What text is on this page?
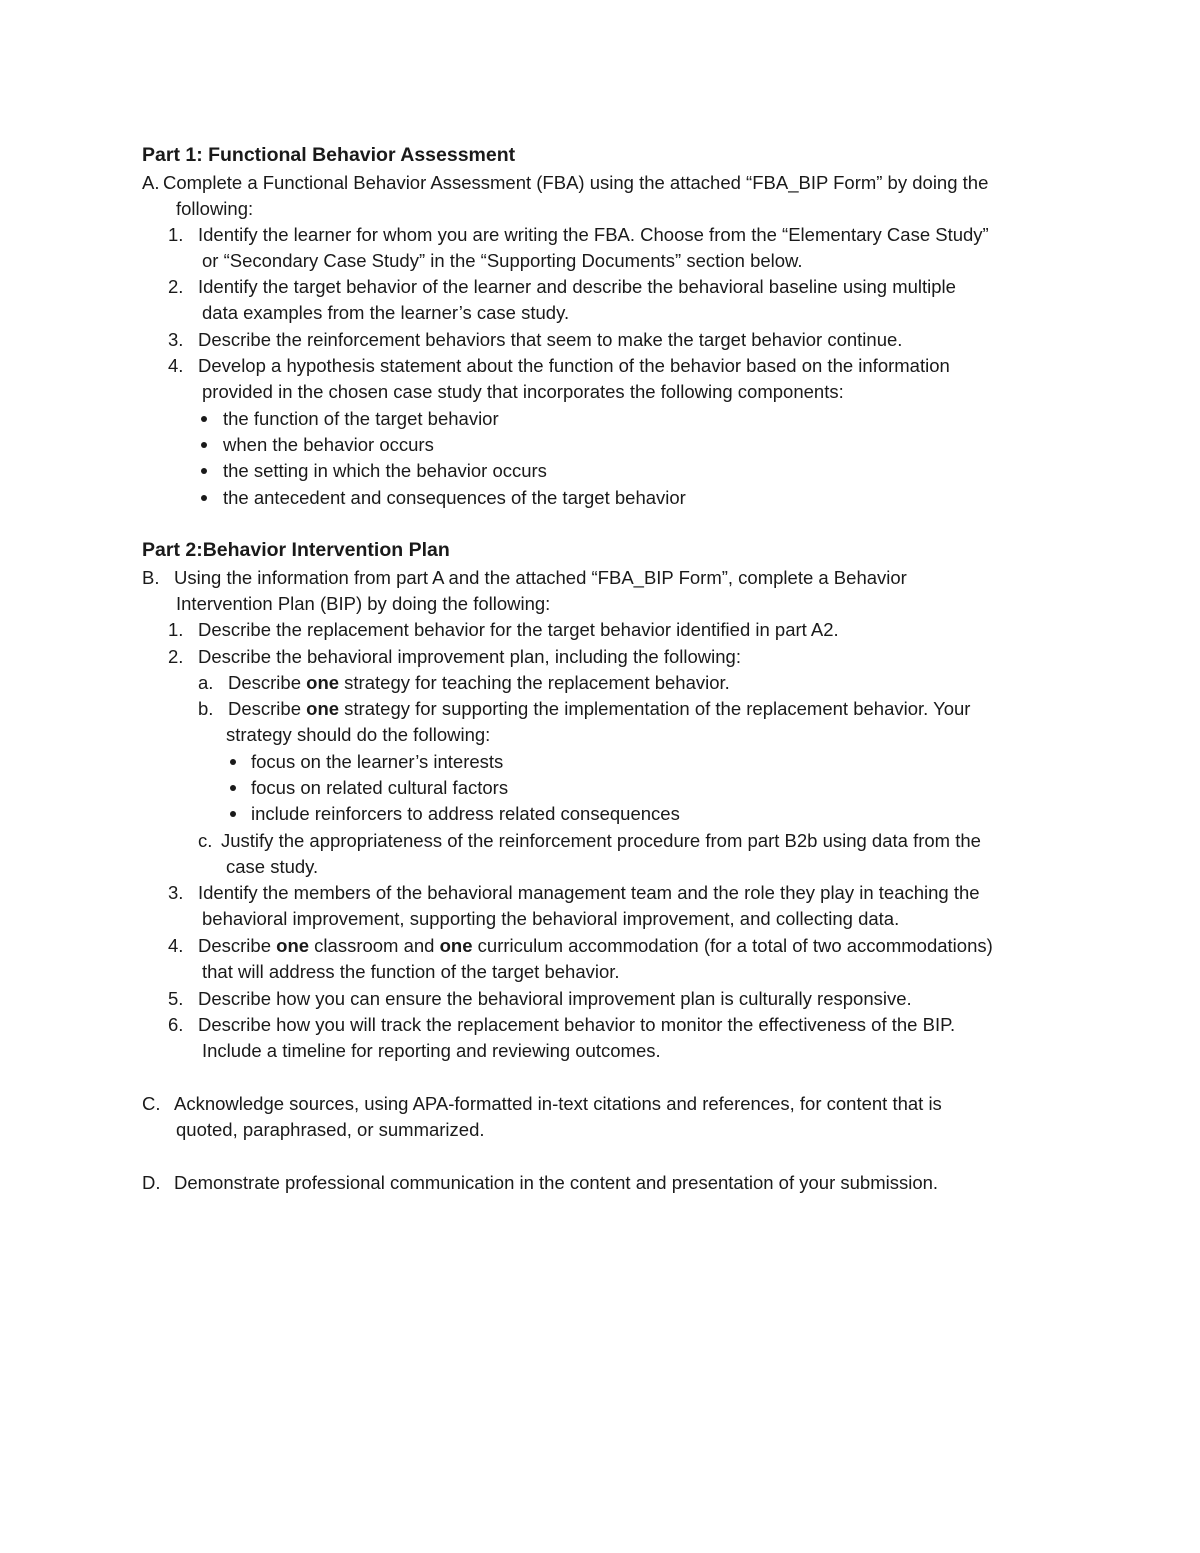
Part 1: Functional Behavior Assessment
A. Complete a Functional Behavior Assessment (FBA) using the attached “FBA_BIP Form” by doing the
following:
1. Identify the learner for whom you are writing the FBA. Choose from the “Elementary Case Study”
or “Secondary Case Study” in the “Supporting Documents” section below.
2. Identify the target behavior of the learner and describe the behavioral baseline using multiple
data examples from the learner’s case study.
3. Describe the reinforcement behaviors that seem to make the target behavior continue.
4. Develop a hypothesis statement about the function of the behavior based on the information
provided in the chosen case study that incorporates the following components:
the function of the target behavior
when the behavior occurs
the setting in which the behavior occurs
the antecedent and consequences of the target behavior
Part 2:Behavior Intervention Plan
B. Using the information from part A and the attached “FBA_BIP Form”, complete a Behavior
Intervention Plan (BIP) by doing the following:
1. Describe the replacement behavior for the target behavior identified in part A2.
2. Describe the behavioral improvement plan, including the following:
a. Describe one strategy for teaching the replacement behavior.
b. Describe one strategy for supporting the implementation of the replacement behavior. Your
strategy should do the following:
focus on the learner’s interests
focus on related cultural factors
include reinforcers to address related consequences
c. Justify the appropriateness of the reinforcement procedure from part B2b using data from the
case study.
3. Identify the members of the behavioral management team and the role they play in teaching the
behavioral improvement, supporting the behavioral improvement, and collecting data.
4. Describe one classroom and one curriculum accommodation (for a total of two accommodations)
that will address the function of the target behavior.
5. Describe how you can ensure the behavioral improvement plan is culturally responsive.
6. Describe how you will track the replacement behavior to monitor the effectiveness of the BIP.
Include a timeline for reporting and reviewing outcomes.
C. Acknowledge sources, using APA-formatted in-text citations and references, for content that is
quoted, paraphrased, or summarized.
D. Demonstrate professional communication in the content and presentation of your submission.
